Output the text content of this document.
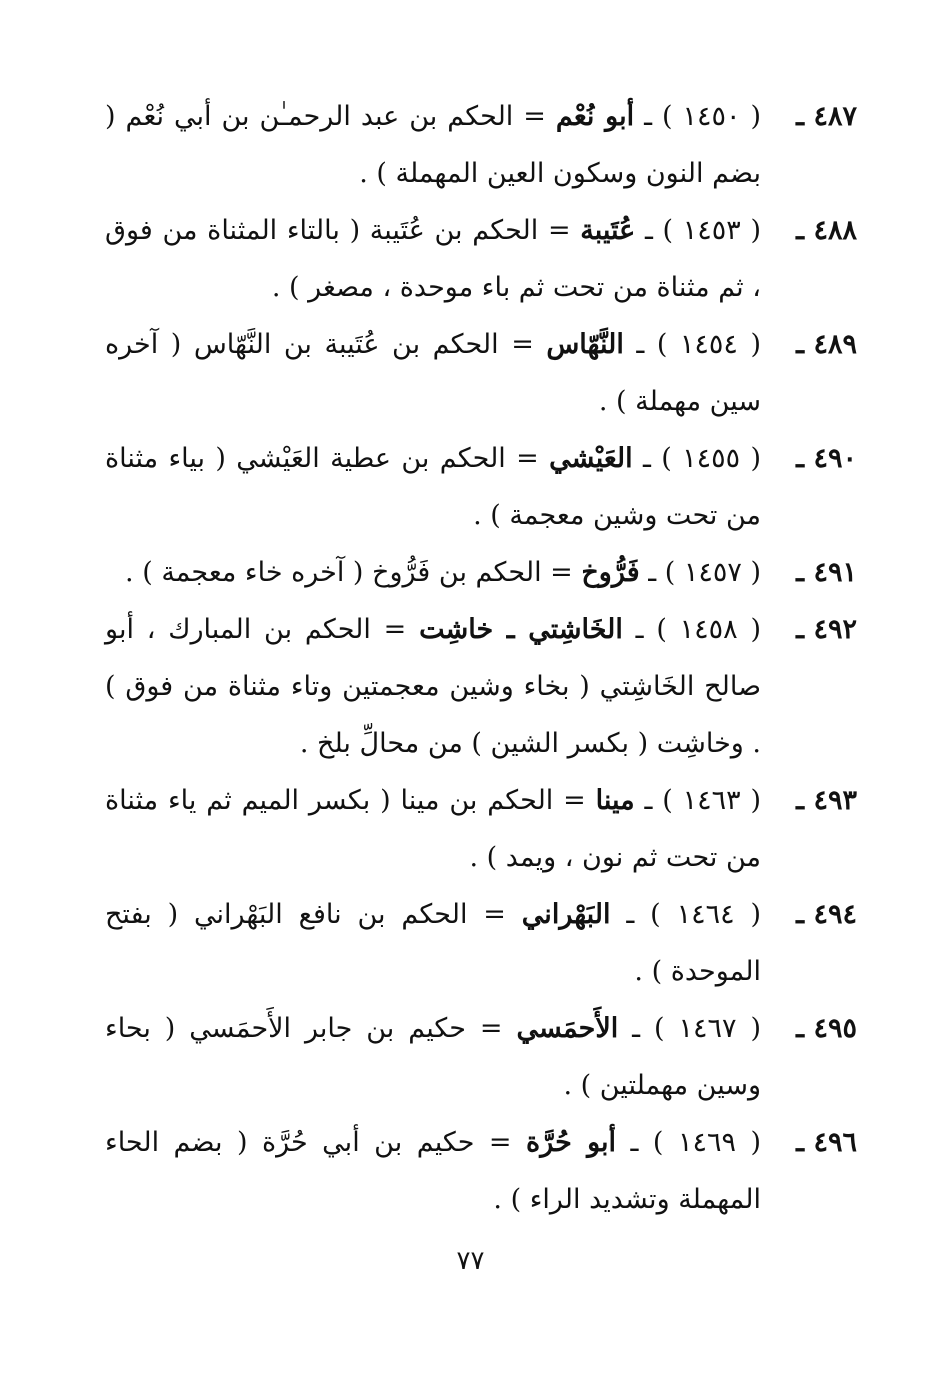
٤٨٧ ـ
( ١٤٥٠ ) ـ أبو نُعْم = الحكم بن عبد الرحمـٰن بن أبي نُعْم ( بضم النون وسكون العين المهملة ) .
٤٨٨ ـ
( ١٤٥٣ ) ـ عُتَيبة = الحكم بن عُتَيبة ( بالتاء المثناة من فوق ، ثم مثناة من تحت ثم باء موحدة ، مصغر ) .
٤٨٩ ـ
( ١٤٥٤ ) ـ النَّهّاس = الحكم بن عُتَيبة بن النَّهّاس ( آخره سين مهملة ) .
٤٩٠ ـ
( ١٤٥٥ ) ـ العَيْشي = الحكم بن عطية العَيْشي ( بياء مثناة من تحت وشين معجمة ) .
٤٩١ ـ
( ١٤٥٧ ) ـ فَرُّوخ = الحكم بن فَرُّوخ ( آخره خاء معجمة ) .
٤٩٢ ـ
( ١٤٥٨ ) ـ الخَاشِتي ـ خاشِت = الحكم بن المبارك ، أبو صالح الخَاشِتي ( بخاء وشين معجمتين وتاء مثناة من فوق ) . وخاشِت ( بكسر الشين ) من محالِّ بلخ .
٤٩٣ ـ
( ١٤٦٣ ) ـ مينا = الحكم بن مينا ( بكسر الميم ثم ياء مثناة من تحت ثم نون ، ويمد ) .
٤٩٤ ـ
( ١٤٦٤ ) ـ البَهْراني = الحكم بن نافع البَهْراني ( بفتح الموحدة ) .
٤٩٥ ـ
( ١٤٦٧ ) ـ الأَحمَسي = حكيم بن جابر الأَحمَسي ( بحاء وسين مهملتين ) .
٤٩٦ ـ
( ١٤٦٩ ) ـ أبو حُرَّة = حكيم بن أبي حُرَّة ( بضم الحاء المهملة وتشديد الراء ) .
٧٧
